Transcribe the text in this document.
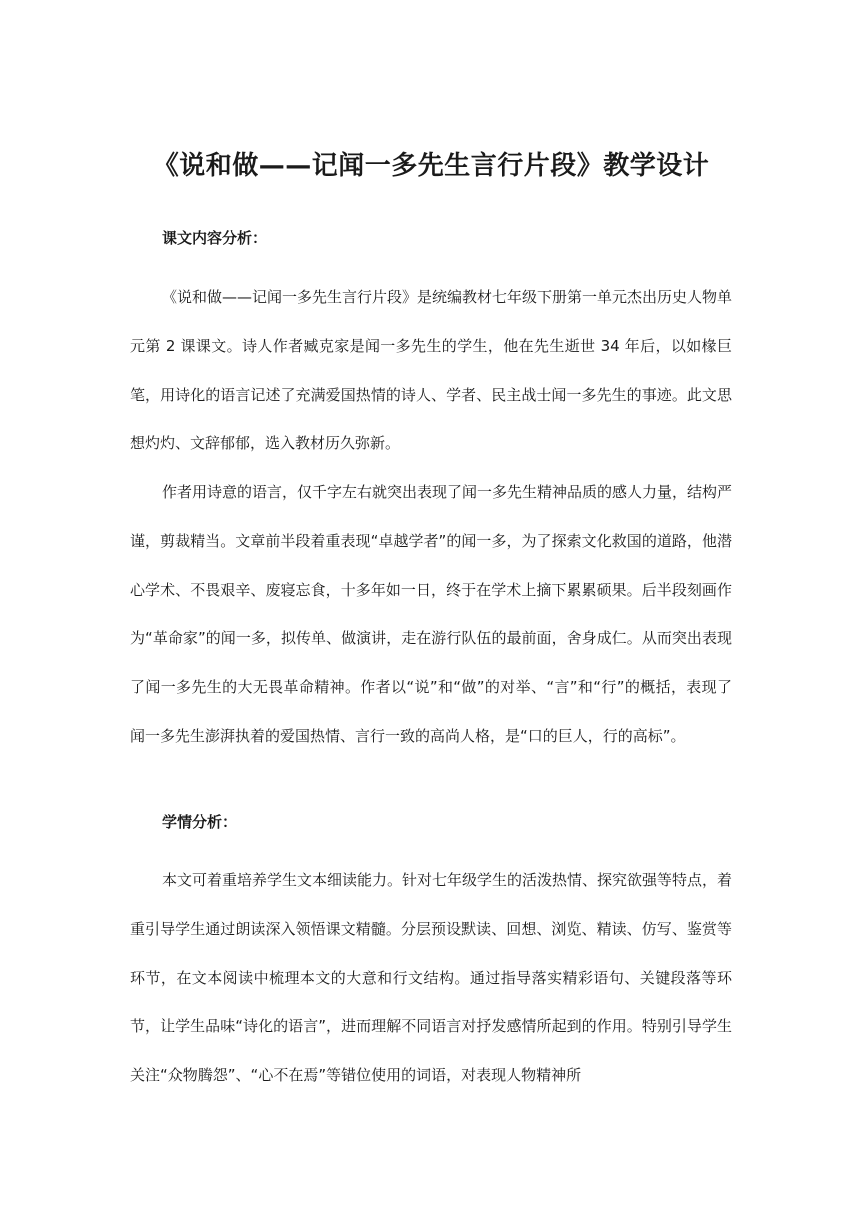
《说和做——记闻一多先生言行片段》教学设计
课文内容分析：

《说和做——记闻一多先生言行片段》是统编教材七年级下册第一单元杰出历史人物单元第 2 课课文。诗人作者臧克家是闻一多先生的学生，他在先生逝世 34 年后，以如椽巨笔，用诗化的语言记述了充满爱国热情的诗人、学者、民主战士闻一多先生的事迹。此文思想灼灼、文辞郁郁，选入教材历久弥新。

作者用诗意的语言，仅千字左右就突出表现了闻一多先生精神品质的感人力量，结构严谨，剪裁精当。文章前半段着重表现“卓越学者”的闻一多，为了探索文化救国的道路，他潜心学术、不畏艰辛、废寝忘食，十多年如一日，终于在学术上摘下累累硕果。后半段刻画作为“革命家”的闻一多，拟传单、做演讲，走在游行队伍的最前面，舍身成仁。从而突出表现了闻一多先生的大无畏革命精神。作者以“说”和“做”的对举、“言”和“行”的概括，表现了闻一多先生澎湃执着的爱国热情、言行一致的高尚人格，是“口的巨人，行的高标”。

学情分析：

本文可着重培养学生文本细读能力。针对七年级学生的活泼热情、探究欲强等特点，着重引导学生通过朗读深入领悟课文精髓。分层预设默读、回想、浏览、精读、仿写、鉴赏等环节，在文本阅读中梳理本文的大意和行文结构。通过指导落实精彩语句、关键段落等环节，让学生品味“诗化的语言”，进而理解不同语言对抒发感情所起到的作用。特别引导学生关注“众物腾怨”、“心不在焉”等错位使用的词语，对表现人物精神所
